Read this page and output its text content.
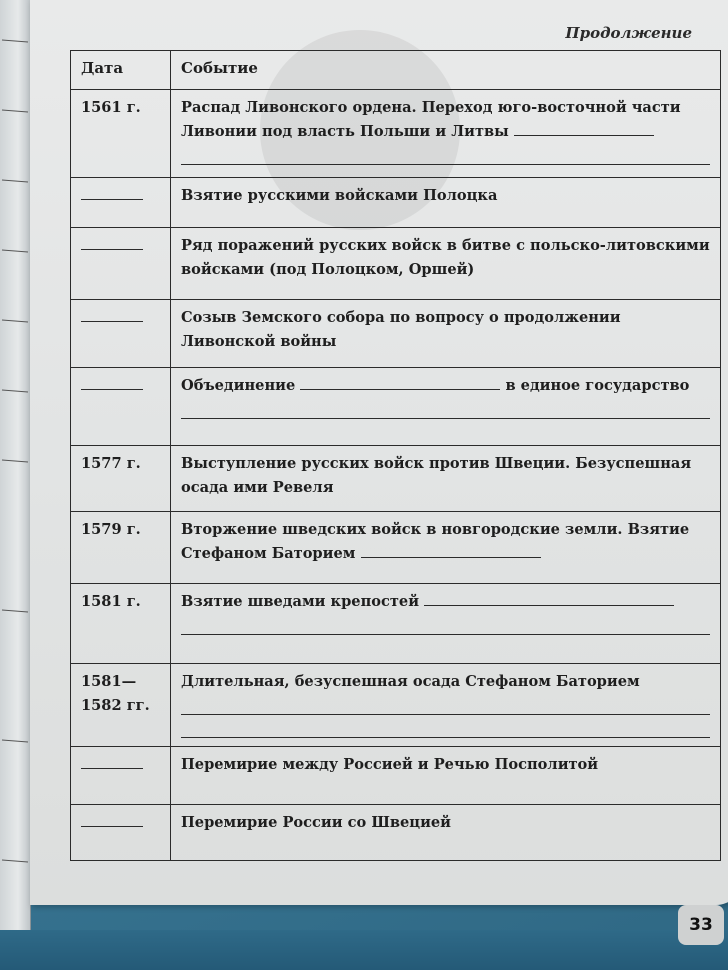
Продолжение
Дата	Событие
1561 г.	Распад Ливонского ордена. Переход юго-восточной части Ливонии под власть Польши и Литвы

	Взятие русскими войсками Полоцка
	Ряд поражений русских войск в битве с польско-литовскими войсками (под Полоцком, Оршей)
	Созыв Земского собора по вопросу о продолжении Ливонской войны
	Объединение в единое государство

1577 г.	Выступление русских войск против Швеции. Безуспешная осада ими Ревеля
1579 г.	Вторжение шведских войск в новгородские земли. Взятие Стефаном Баторием
1581 г.	Взятие шведами крепостей

1581—1582 гг.	Длительная, безуспешная осада Стефаном Баторием

	Перемирие между Россией и Речью Посполитой
	Перемирие России со Швецией
33
